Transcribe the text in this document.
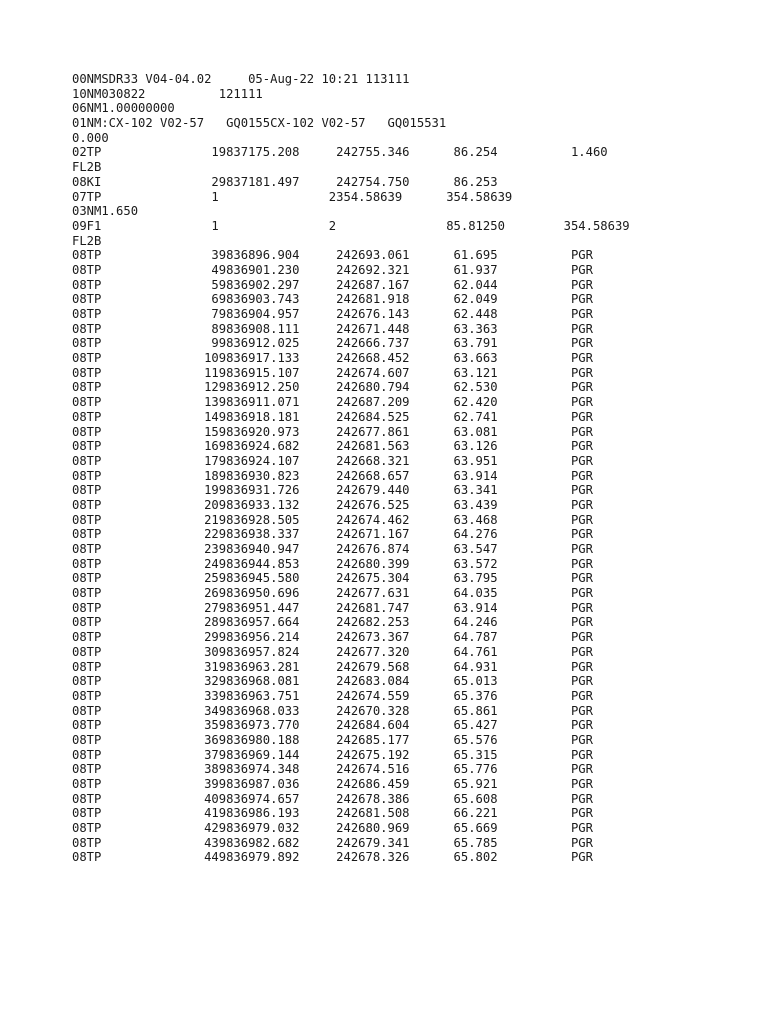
00NMSDR33 V04-04.02     05-Aug-22 10:21 113111
10NM030822          121111
06NM1.00000000
01NM:CX-102 V02-57   GQ0155CX-102 V02-57   GQ015531
0.000
02TP               19837175.208     242755.346      86.254          1.460
FL2B
08KI               29837181.497     242754.750      86.253
07TP               1               2354.58639      354.58639
03NM1.650
09F1               1               2               85.81250        354.58639
FL2B
08TP               39836896.904     242693.061      61.695          PGR
08TP               49836901.230     242692.321      61.937          PGR
08TP               59836902.297     242687.167      62.044          PGR
08TP               69836903.743     242681.918      62.049          PGR
08TP               79836904.957     242676.143      62.448          PGR
08TP               89836908.111     242671.448      63.363          PGR
08TP               99836912.025     242666.737      63.791          PGR
08TP              109836917.133     242668.452      63.663          PGR
08TP              119836915.107     242674.607      63.121          PGR
08TP              129836912.250     242680.794      62.530          PGR
08TP              139836911.071     242687.209      62.420          PGR
08TP              149836918.181     242684.525      62.741          PGR
08TP              159836920.973     242677.861      63.081          PGR
08TP              169836924.682     242681.563      63.126          PGR
08TP              179836924.107     242668.321      63.951          PGR
08TP              189836930.823     242668.657      63.914          PGR
08TP              199836931.726     242679.440      63.341          PGR
08TP              209836933.132     242676.525      63.439          PGR
08TP              219836928.505     242674.462      63.468          PGR
08TP              229836938.337     242671.167      64.276          PGR
08TP              239836940.947     242676.874      63.547          PGR
08TP              249836944.853     242680.399      63.572          PGR
08TP              259836945.580     242675.304      63.795          PGR
08TP              269836950.696     242677.631      64.035          PGR
08TP              279836951.447     242681.747      63.914          PGR
08TP              289836957.664     242682.253      64.246          PGR
08TP              299836956.214     242673.367      64.787          PGR
08TP              309836957.824     242677.320      64.761          PGR
08TP              319836963.281     242679.568      64.931          PGR
08TP              329836968.081     242683.084      65.013          PGR
08TP              339836963.751     242674.559      65.376          PGR
08TP              349836968.033     242670.328      65.861          PGR
08TP              359836973.770     242684.604      65.427          PGR
08TP              369836980.188     242685.177      65.576          PGR
08TP              379836969.144     242675.192      65.315          PGR
08TP              389836974.348     242674.516      65.776          PGR
08TP              399836987.036     242686.459      65.921          PGR
08TP              409836974.657     242678.386      65.608          PGR
08TP              419836986.193     242681.508      66.221          PGR
08TP              429836979.032     242680.969      65.669          PGR
08TP              439836982.682     242679.341      65.785          PGR
08TP              449836979.892     242678.326      65.802          PGR
